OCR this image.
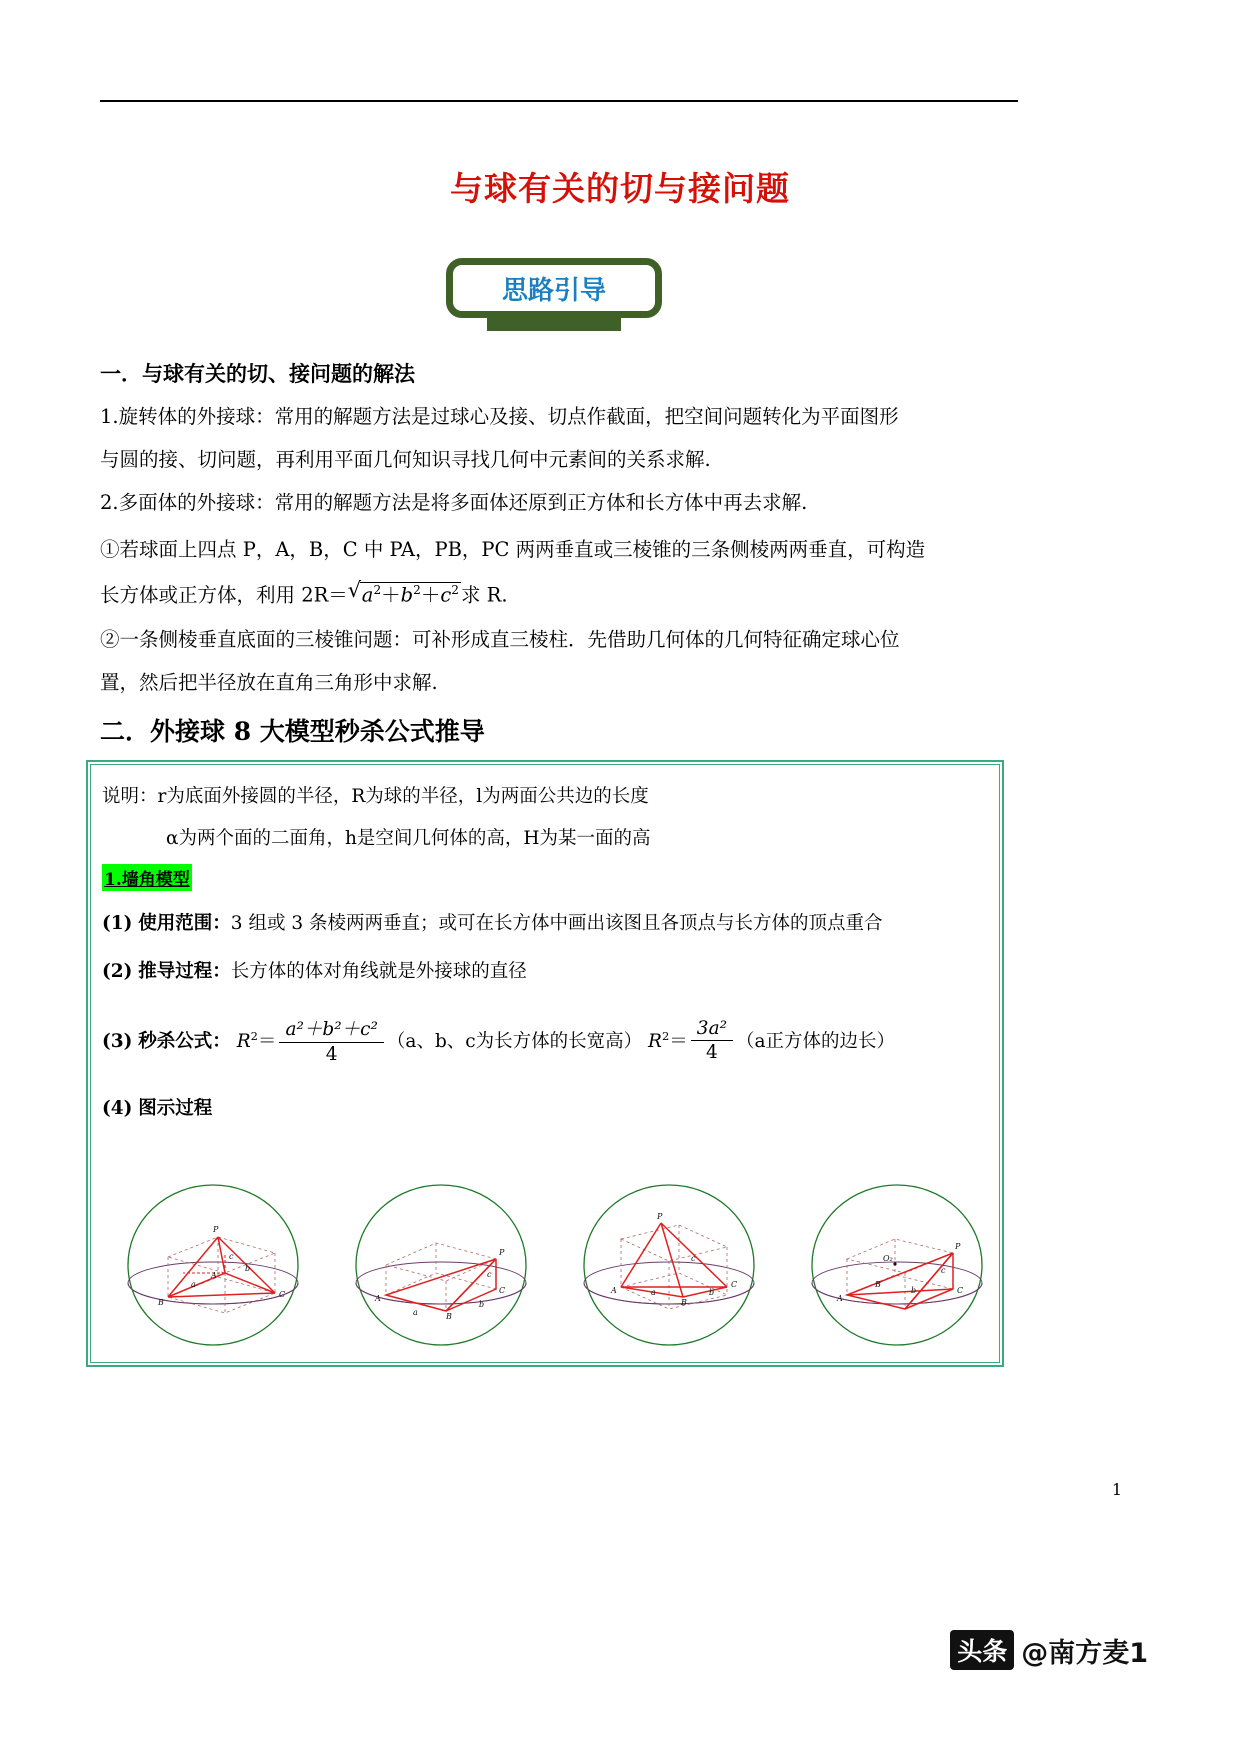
与球有关的切与接问题
思路引导
一．与球有关的切、接问题的解法
1.旋转体的外接球：常用的解题方法是过球心及接、切点作截面，把空间问题转化为平面图形
与圆的接、切问题，再利用平面几何知识寻找几何中元素间的关系求解.
2.多面体的外接球：常用的解题方法是将多面体还原到正方体和长方体中再去求解.
①若球面上四点 P，A，B，C 中 PA，PB，PC 两两垂直或三棱锥的三条侧棱两两垂直，可构造
长方体或正方体，利用 2R＝ √ $a^2+b^2+c^2$ 求 R.
②一条侧棱垂直底面的三棱锥问题：可补形成直三棱柱．先借助几何体的几何特征确定球心位
置，然后把半径放在直角三角形中求解.
二．外接球 8 大模型秒杀公式推导
说明：r为底面外接圆的半径，R为球的半径，l为两面公共边的长度
α为两个面的二面角，h是空间几何体的高，H为某一面的高
1.墙角模型
(1) 使用范围：3 组或 3 条棱两两垂直；或可在长方体中画出该图且各顶点与长方体的顶点重合
(2) 推导过程：长方体的体对角线就是外接球的直径
(3) 秒杀公式： $R^2= \frac{\text{a²＋b²＋c²}}{4} (a$、b、c为长方体的长宽高） $R^2= \frac{\text{3a²}}{4} (a$正方体的边长）
(4) 图示过程
P
B
C
A
a
b
c	P
A
B
C
a
b
c
P
A
B
C
a	b
c
P
A
B
C
O₂
b
c
1
头条 @南方麦1
